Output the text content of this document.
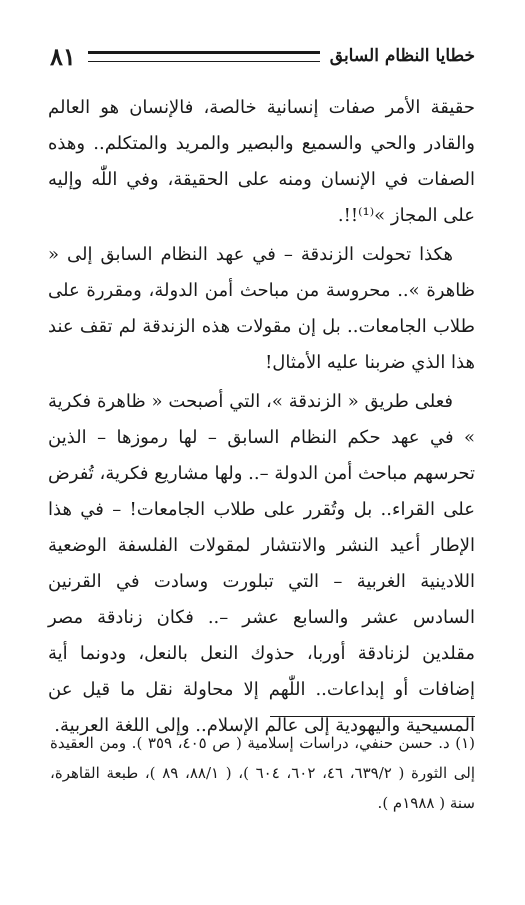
خطايا النظام السابق
٨١

حقيقة الأمر صفات إنسانية خالصة، فالإنسان هو العالم والقادر والحي والسميع والبصير والمريد والمتكلم.. وهذه الصفات في الإنسان ومنه على الحقيقة، وفي اللّٰه وإليه على المجاز »⁽¹⁾!!.

هكذا تحولت الزندقة – في عهد النظام السابق إلى « ظاهرة ».. محروسة من مباحث أمن الدولة، ومقررة على طلاب الجامعات.. بل إن مقولات هذه الزندقة لم تقف عند هذا الذي ضربنا عليه الأمثال!

فعلى طريق « الزندقة »، التي أصبحت « ظاهرة فكرية » في عهد حكم النظام السابق – لها رموزها – الذين تحرسهم مباحث أمن الدولة –.. ولها مشاريع فكرية، تُفرض على القراء.. بل وتُقرر على طلاب الجامعات! – في هذا الإطار أعيد النشر والانتشار لمقولات الفلسفة الوضعية اللادينية الغربية – التي تبلورت وسادت في القرنين السادس عشر والسابع عشر –.. فكان زنادقة مصر مقلدين لزنادقة أوربا، حذوك النعل بالنعل، ودونما أية إضافات أو إبداعات.. اللّٰهم إلا محاولة نقل ما قيل عن المسيحية واليهودية إلى عالم الإسلام.. وإلى اللغة العربية.

(١) د. حسن حنفي، دراسات إسلامية ( ص ٤٠٥، ٣٥٩ ). ومن العقيدة إلى الثورة ( ٦٣٩/٢، ٤٦، ٦٠٢، ٦٠٤ )، ( ٨٨/١، ٨٩ )، طبعة القاهرة، سنة ( ١٩٨٨م ).
